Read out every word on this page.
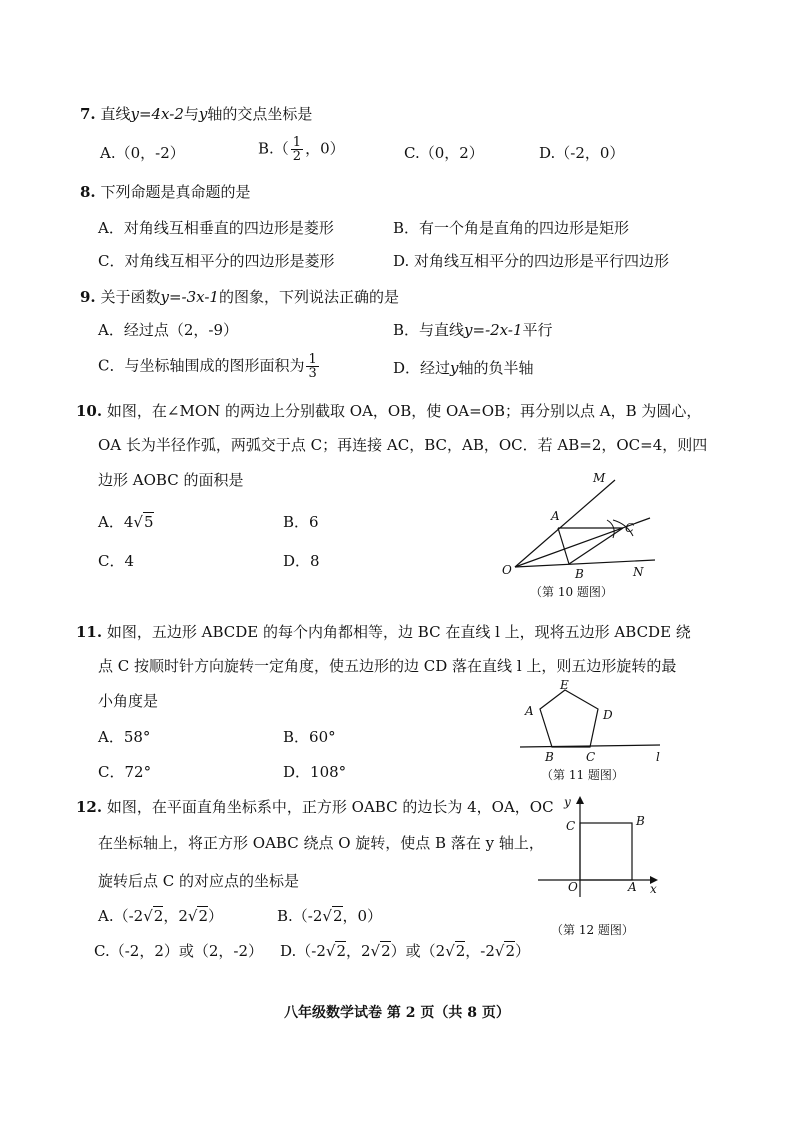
7. 直线y=4x-2与y轴的交点坐标是
A.（0，-2）	$B.( \frac{1}{2}$ ，0）	C.（0，2）	D.（-2，0）
8. 下列命题是真命题的是
A．对角线互相垂直的四边形是菱形	B．有一个角是直角的四边形是矩形
C．对角线互相平分的四边形是菱形	D. 对角线互相平分的四边形是平行四边形
9. 关于函数y=-3x-1的图象，下列说法正确的是
A．经过点（2，-9）	B．与直线y=-2x-1平行
C．与坐标轴围成的图形面积为 $\frac{1}{3}$	D．经过y轴的负半轴
10. 如图，在∠MON 的两边上分别截取 OA，OB，使 OA=OB；再分别以点 A，B 为圆心，
OA 长为半径作弧，两弧交于点 C；再连接 AC，BC，AB，OC．若 AB=2，OC=4，则四
边形 AOBC 的面积是
A．4√5	B．6
C．4	D．8
M
A
C
O	B	N
（第 10 题图）
11. 如图，五边形 ABCDE 的每个内角都相等，边 BC 在直线 l 上，现将五边形 ABCDE 绕
点 C 按顺时针方向旋转一定角度，使五边形的边 CD 落在直线 l 上，则五边形旋转的最
小角度是
A．58°	B．60°
C．72°	D．108°
E
A	D
B	C	l
（第 11 题图）
12. 如图，在平面直角坐标系中，正方形 OABC 的边长为 4，OA，OC
在坐标轴上，将正方形 OABC 绕点 O 旋转，使点 B 落在 y 轴上，
旋转后点 C 的对应点的坐标是
A.（-2√2，2√2）	B.（-2√2，0）
C.（-2，2）或（2，-2） D.（-2√2，2√2）或（2√2，-2√2）
y
C	B
O	A x
（第 12 题图）
八年级数学试卷 第 2 页（共 8 页）
